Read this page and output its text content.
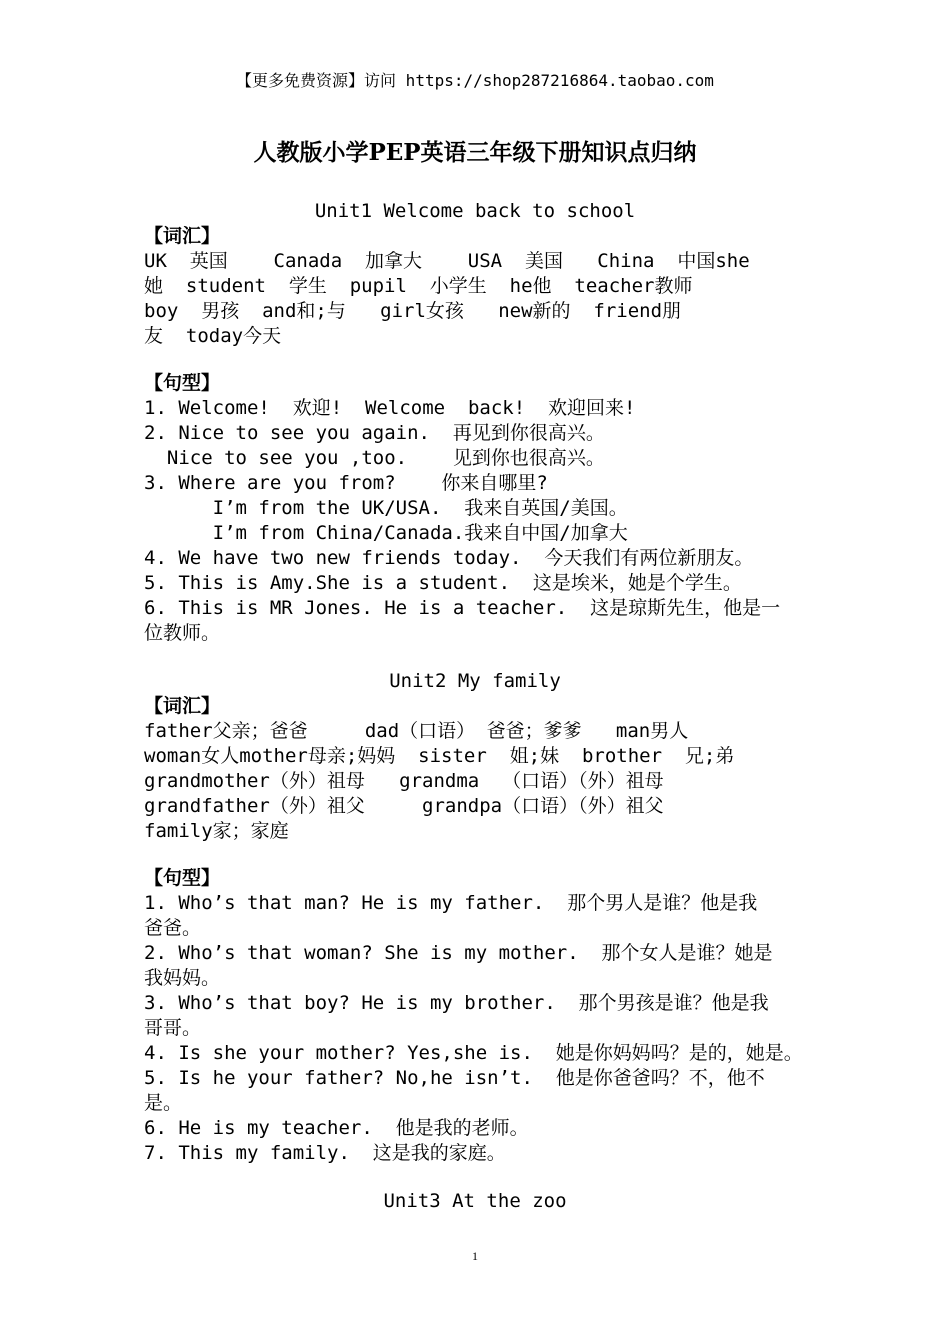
【更多免费资源】访问 https://shop287216864.taobao.com
人教版小学PEP英语三年级下册知识点归纳
Unit1 Welcome back to school
【词汇】
UK  英国    Canada  加拿大    USA  美国   China  中国she
她  student  学生  pupil  小学生  he他  teacher教师
boy  男孩  and和;与   girl女孩   new新的  friend朋
友  today今天
【句型】
1. Welcome!  欢迎!  Welcome  back!  欢迎回来!
2. Nice to see you again.  再见到你很高兴。
Nice to see you ,too.    见到你也很高兴。
3. Where are you from?    你来自哪里?
I’m from the UK/USA.  我来自英国/美国。
I’m from China/Canada.我来自中国/加拿大
4. We have two new friends today.  今天我们有两位新朋友。
5. This is Amy.She is a student.  这是埃米，她是个学生。
6. This is MR Jones. He is a teacher.  这是琼斯先生，他是一
位教师。
Unit2 My family
【词汇】
father父亲；爸爸     dad（口语） 爸爸；爹爹   man男人
woman女人mother母亲;妈妈  sister  姐;妹  brother  兄;弟
grandmother（外）祖母   grandma  （口语）（外）祖母
grandfather（外）祖父     grandpa（口语）（外）祖父
family家；家庭
【句型】
1. Who’s that man? He is my father.  那个男人是谁？他是我
爸爸。
2. Who’s that woman? She is my mother.  那个女人是谁？她是
我妈妈。
3. Who’s that boy? He is my brother.  那个男孩是谁？他是我
哥哥。
4. Is she your mother? Yes,she is.  她是你妈妈吗？是的，她是。
5. Is he your father? No,he isn’t.  他是你爸爸吗？不，他不
是。
6. He is my teacher.  他是我的老师。
7. This my family.  这是我的家庭。
Unit3 At the zoo
1
